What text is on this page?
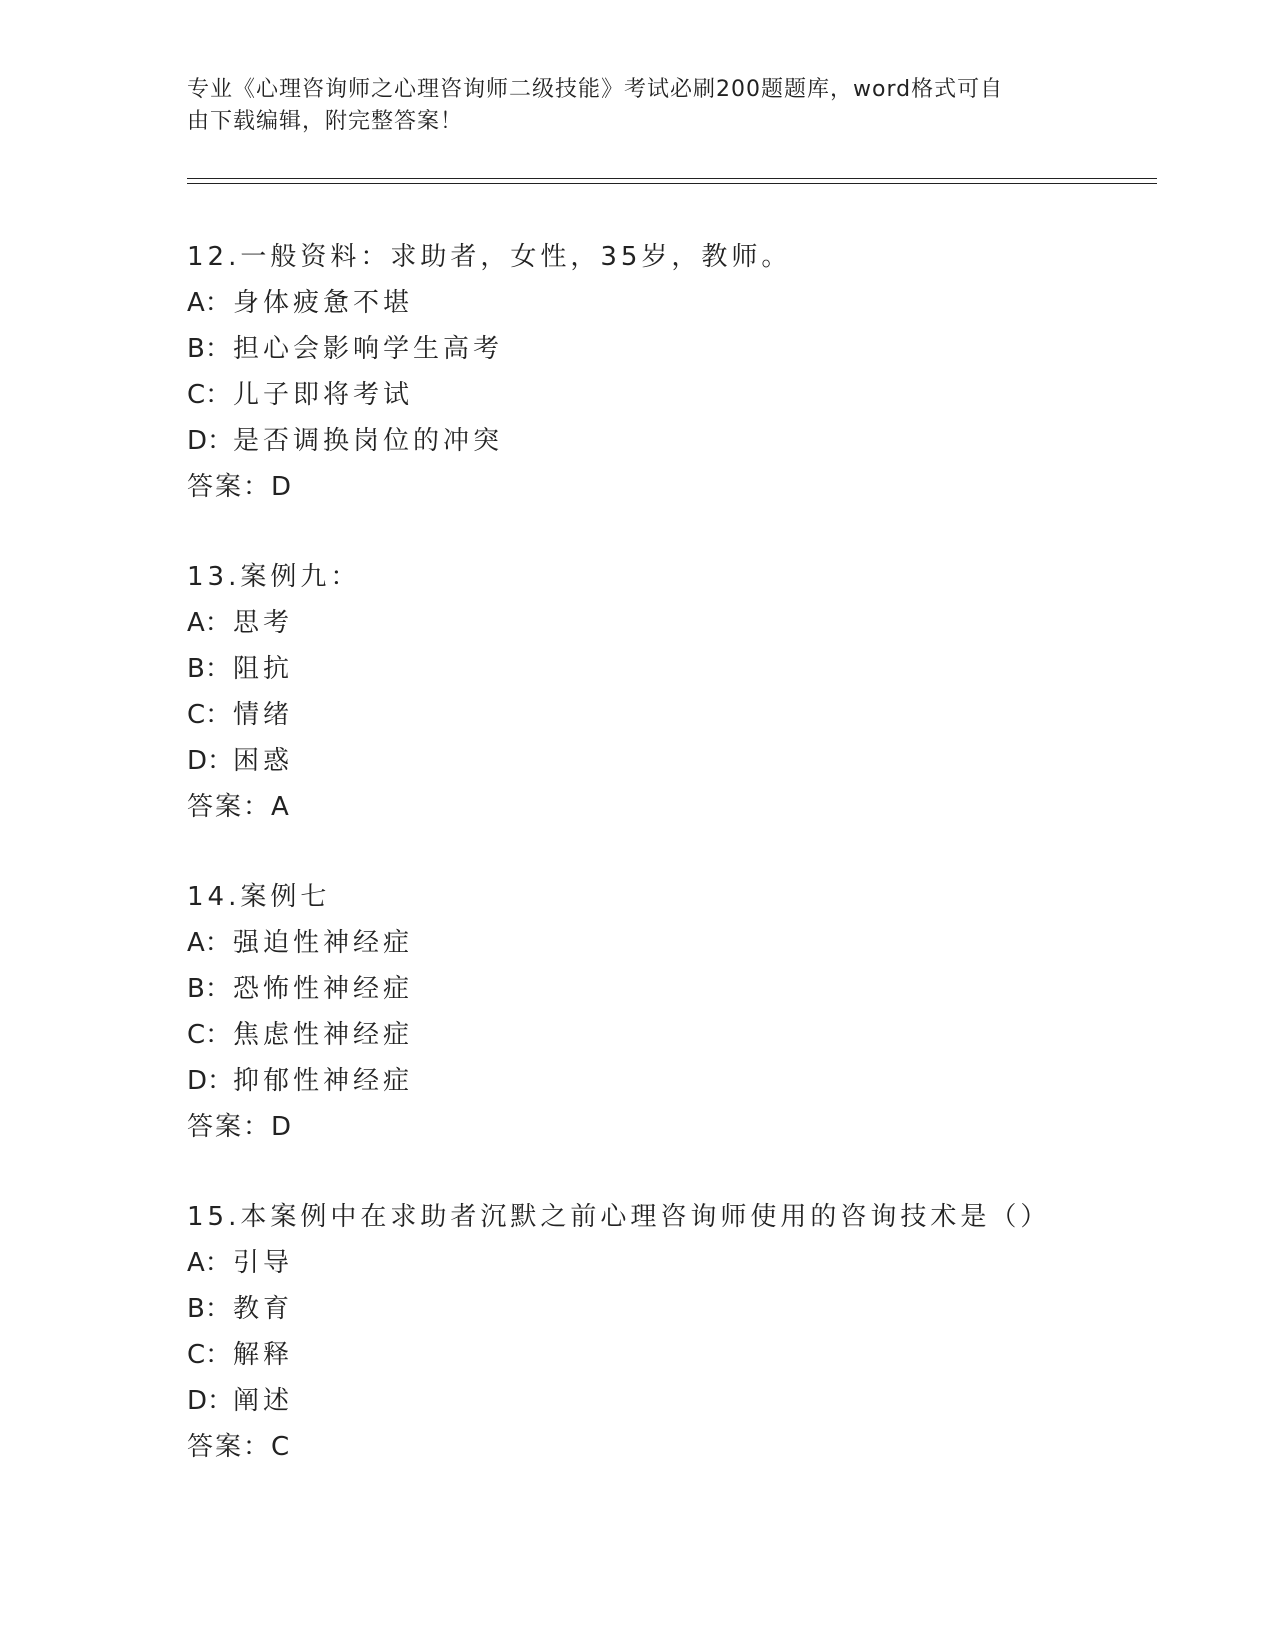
专业《心理咨询师之心理咨询师二级技能》考试必刷200题题库，word格式可自
由下载编辑，附完整答案！
12.一般资料：求助者，女性，35岁，教师。
A：身体疲惫不堪
B：担心会影响学生高考
C：儿子即将考试
D：是否调换岗位的冲突
答案：D
13.案例九：
A：思考
B：阻抗
C：情绪
D：困惑
答案：A
14.案例七
A：强迫性神经症
B：恐怖性神经症
C：焦虑性神经症
D：抑郁性神经症
答案：D
15.本案例中在求助者沉默之前心理咨询师使用的咨询技术是（）
A：引导
B：教育
C：解释
D：阐述
答案：C
